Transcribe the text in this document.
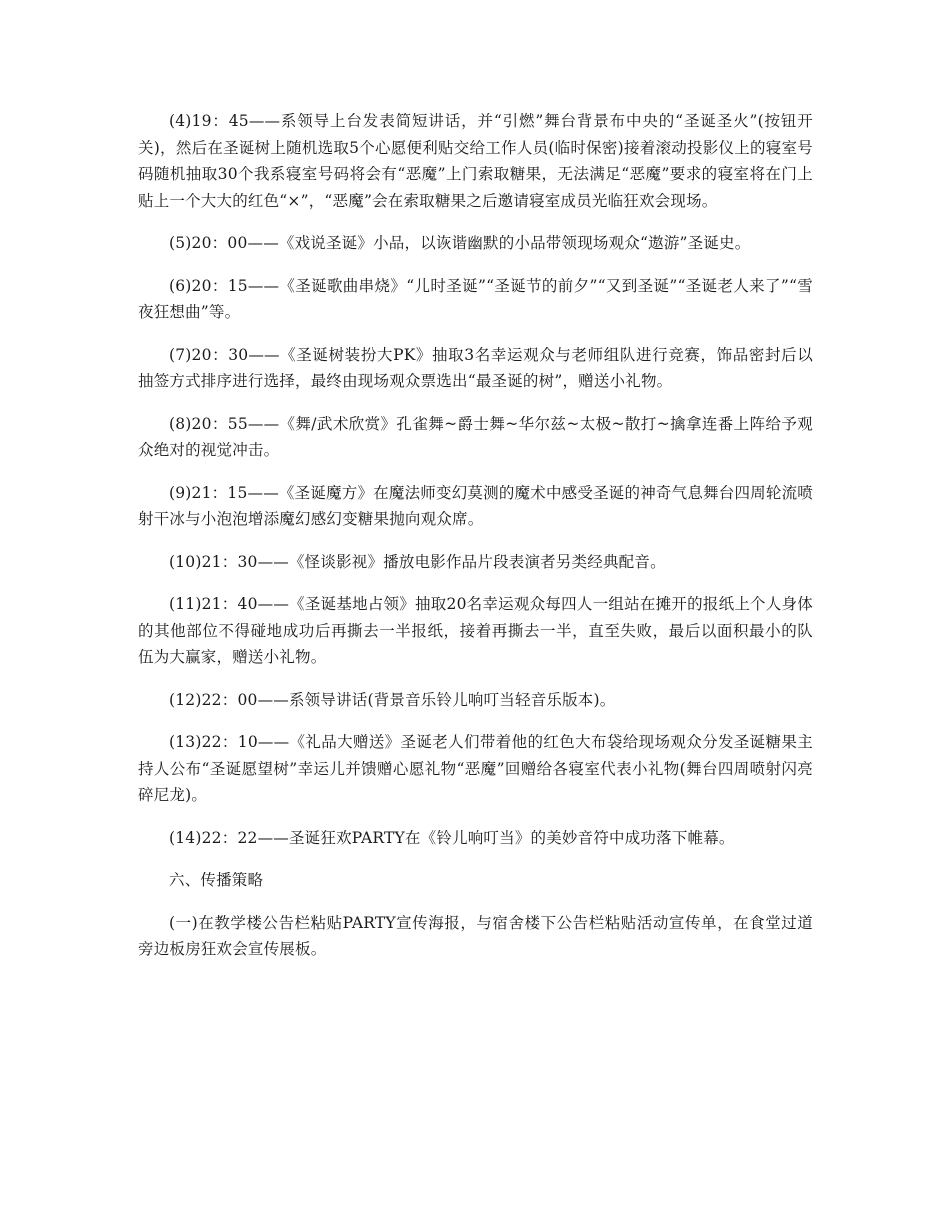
(4)19：45——系领导上台发表简短讲话，并“引燃”舞台背景布中央的“圣诞圣火”(按钮开关)，然后在圣诞树上随机选取5个心愿便利贴交给工作人员(临时保密)接着滚动投影仪上的寝室号码随机抽取30个我系寝室号码将会有“恶魔”上门索取糖果，无法满足“恶魔”要求的寝室将在门上贴上一个大大的红色“×”，“恶魔”会在索取糖果之后邀请寝室成员光临狂欢会现场。

(5)20：00——《戏说圣诞》小品，以诙谐幽默的小品带领现场观众“遨游”圣诞史。

(6)20：15——《圣诞歌曲串烧》“儿时圣诞”“圣诞节的前夕”“又到圣诞”“圣诞老人来了”“雪夜狂想曲”等。

(7)20：30——《圣诞树装扮大PK》抽取3名幸运观众与老师组队进行竞赛，饰品密封后以抽签方式排序进行选择，最终由现场观众票选出“最圣诞的树”，赠送小礼物。

(8)20：55——《舞/武术欣赏》孔雀舞~爵士舞~华尔兹~太极~散打~擒拿连番上阵给予观众绝对的视觉冲击。

(9)21：15——《圣诞魔方》在魔法师变幻莫测的魔术中感受圣诞的神奇气息舞台四周轮流喷射干冰与小泡泡增添魔幻感幻变糖果抛向观众席。

(10)21：30——《怪谈影视》播放电影作品片段表演者另类经典配音。

(11)21：40——《圣诞基地占领》抽取20名幸运观众每四人一组站在摊开的报纸上个人身体的其他部位不得碰地成功后再撕去一半报纸，接着再撕去一半，直至失败，最后以面积最小的队伍为大赢家，赠送小礼物。

(12)22：00——系领导讲话(背景音乐铃儿响叮当轻音乐版本)。

(13)22：10——《礼品大赠送》圣诞老人们带着他的红色大布袋给现场观众分发圣诞糖果主持人公布“圣诞愿望树”幸运儿并馈赠心愿礼物“恶魔”回赠给各寝室代表小礼物(舞台四周喷射闪亮碎尼龙)。

(14)22：22——圣诞狂欢PARTY在《铃儿响叮当》的美妙音符中成功落下帷幕。

六、传播策略

(一)在教学楼公告栏粘贴PARTY宣传海报，与宿舍楼下公告栏粘贴活动宣传单，在食堂过道旁边板房狂欢会宣传展板。
